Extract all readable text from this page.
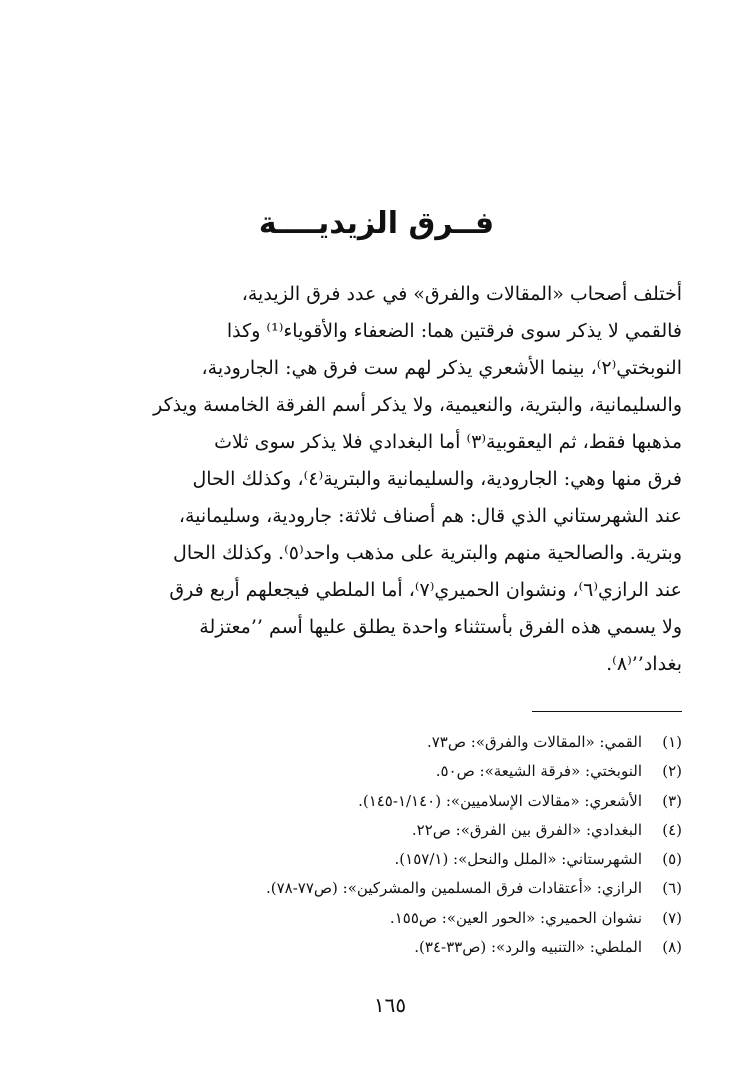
فــرق الزيديــــة
أختلف أصحاب «المقالات والفرق» في عدد فرق الزيدية،
فالقمي لا يذكر سوى فرقتين هما: الضعفاء والأقوياء⁽¹⁾ وكذا
النوبختي⁽٢⁾، بينما الأشعري يذكر لهم ست فرق هي: الجارودية،
والسليمانية، والبترية، والنعيمية، ولا يذكر أسم الفرقة الخامسة ويذكر
مذهبها فقط، ثم اليعقوبية⁽٣⁾ أما البغدادي فلا يذكر سوى ثلاث
فرق منها وهي: الجارودية، والسليمانية والبترية⁽٤⁾، وكذلك الحال
عند الشهرستاني الذي قال: هم أصناف ثلاثة: جارودية، وسليمانية،
وبترية. والصالحية منهم والبترية على مذهب واحد⁽٥⁾. وكذلك الحال
عند الرازي⁽٦⁾، ونشوان الحميري⁽٧⁾، أما الملطي فيجعلهم أربع فرق
ولا يسمي هذه الفرق بأستثناء واحدة يطلق عليها أسم ’’معتزلة
بغداد’’⁽٨⁾.
(١)
القمي: «المقالات والفرق»: ص٧٣.
(٢)
النوبختي: «فرقة الشيعة»: ص٥٠.
(٣)
الأشعري: «مقالات الإسلاميين»: (١/١٤٠-١٤٥).
(٤)
البغدادي: «الفرق بين الفرق»: ص٢٢.
(٥)
الشهرستاني: «الملل والنحل»: (١٥٧/١).
(٦)
الرازي: «أعتقادات فرق المسلمين والمشركين»: (ص٧٧-٧٨).
(٧)
نشوان الحميري: «الحور العين»: ص١٥٥.
(٨)
الملطي: «التنبيه والرد»: (ص٣٣-٣٤).
١٦٥
